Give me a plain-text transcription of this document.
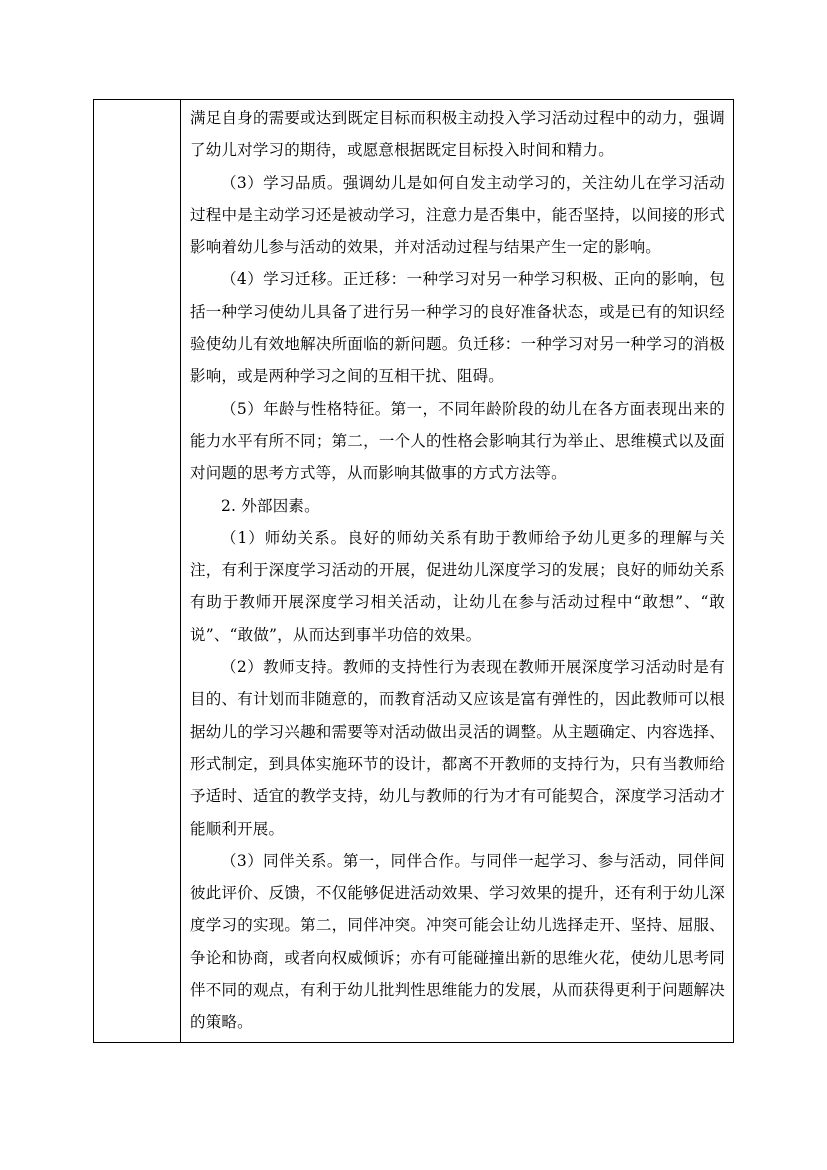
满足自身的需要或达到既定目标而积极主动投入学习活动过程中的动力，强调了幼儿对学习的期待，或愿意根据既定目标投入时间和精力。

（3）学习品质。强调幼儿是如何自发主动学习的，关注幼儿在学习活动过程中是主动学习还是被动学习，注意力是否集中，能否坚持，以间接的形式影响着幼儿参与活动的效果，并对活动过程与结果产生一定的影响。

（4）学习迁移。正迁移：一种学习对另一种学习积极、正向的影响，包括一种学习使幼儿具备了进行另一种学习的良好准备状态，或是已有的知识经验使幼儿有效地解决所面临的新问题。负迁移：一种学习对另一种学习的消极影响，或是两种学习之间的互相干扰、阻碍。

（5）年龄与性格特征。第一，不同年龄阶段的幼儿在各方面表现出来的能力水平有所不同；第二，一个人的性格会影响其行为举止、思维模式以及面对问题的思考方式等，从而影响其做事的方式方法等。

2. 外部因素。

（1）师幼关系。良好的师幼关系有助于教师给予幼儿更多的理解与关注，有利于深度学习活动的开展，促进幼儿深度学习的发展；良好的师幼关系有助于教师开展深度学习相关活动，让幼儿在参与活动过程中“敢想”、“敢说”、“敢做”，从而达到事半功倍的效果。

（2）教师支持。教师的支持性行为表现在教师开展深度学习活动时是有目的、有计划而非随意的，而教育活动又应该是富有弹性的，因此教师可以根据幼儿的学习兴趣和需要等对活动做出灵活的调整。从主题确定、内容选择、形式制定，到具体实施环节的设计，都离不开教师的支持行为，只有当教师给予适时、适宜的教学支持，幼儿与教师的行为才有可能契合，深度学习活动才能顺利开展。

（3）同伴关系。第一，同伴合作。与同伴一起学习、参与活动，同伴间彼此评价、反馈，不仅能够促进活动效果、学习效果的提升，还有利于幼儿深度学习的实现。第二，同伴冲突。冲突可能会让幼儿选择走开、坚持、屈服、争论和协商，或者向权威倾诉；亦有可能碰撞出新的思维火花，使幼儿思考同伴不同的观点，有利于幼儿批判性思维能力的发展，从而获得更利于问题解决的策略。
